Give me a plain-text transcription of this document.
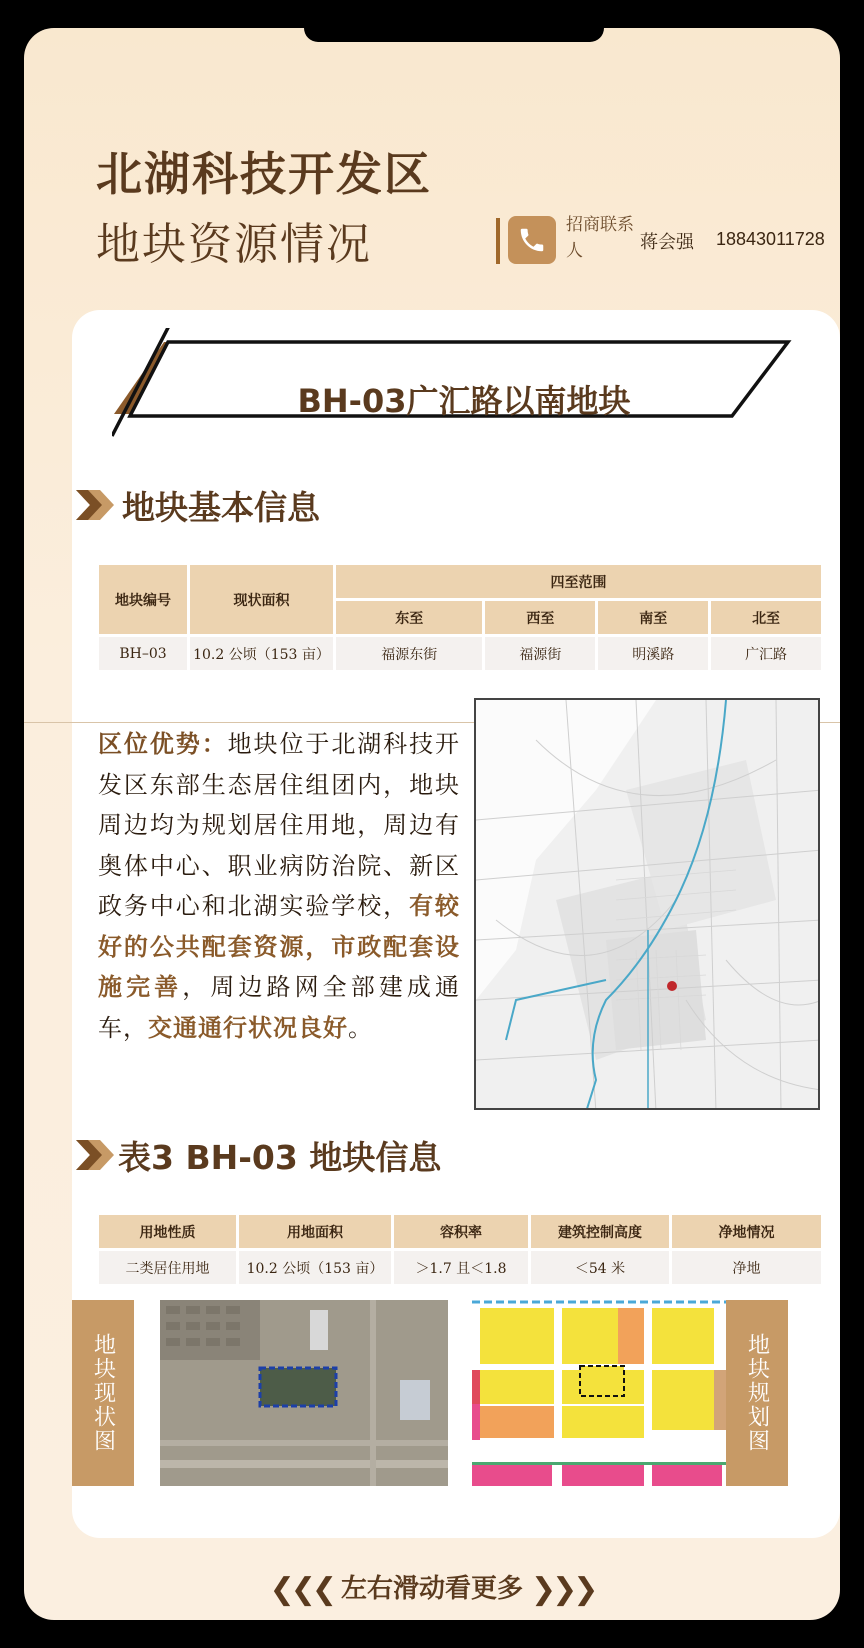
北湖科技开发区
地块资源情况	招商联系人	蒋会强 18843011728
BH-03广汇路以南地块
地块基本信息
地块编号	现状面积	四至范围			
		东至	西至	南至	北至
BH–03	10.2 公顷（153 亩）	福源东街	福源街	明溪路	广汇路
区位优势：地块位于北湖科技开发区东部生态居住组团内，地块周边均为规划居住用地，周边有奥体中心、职业病防治院、新区政务中心和北湖实验学校，有较好的公共配套资源，市政配套设施完善，周边路网全部建成通车，交通通行状况良好。
表3 BH-03 地块信息
用地性质	用地面积	容积率	建筑控制高度	净地情况
二类居住用地	10.2 公顷（153 亩）	＞1.7 且＜1.8	＜54 米	净地
地块现状图	地块规划图
❮❮❮ 左右滑动看更多 ❯❯❯
